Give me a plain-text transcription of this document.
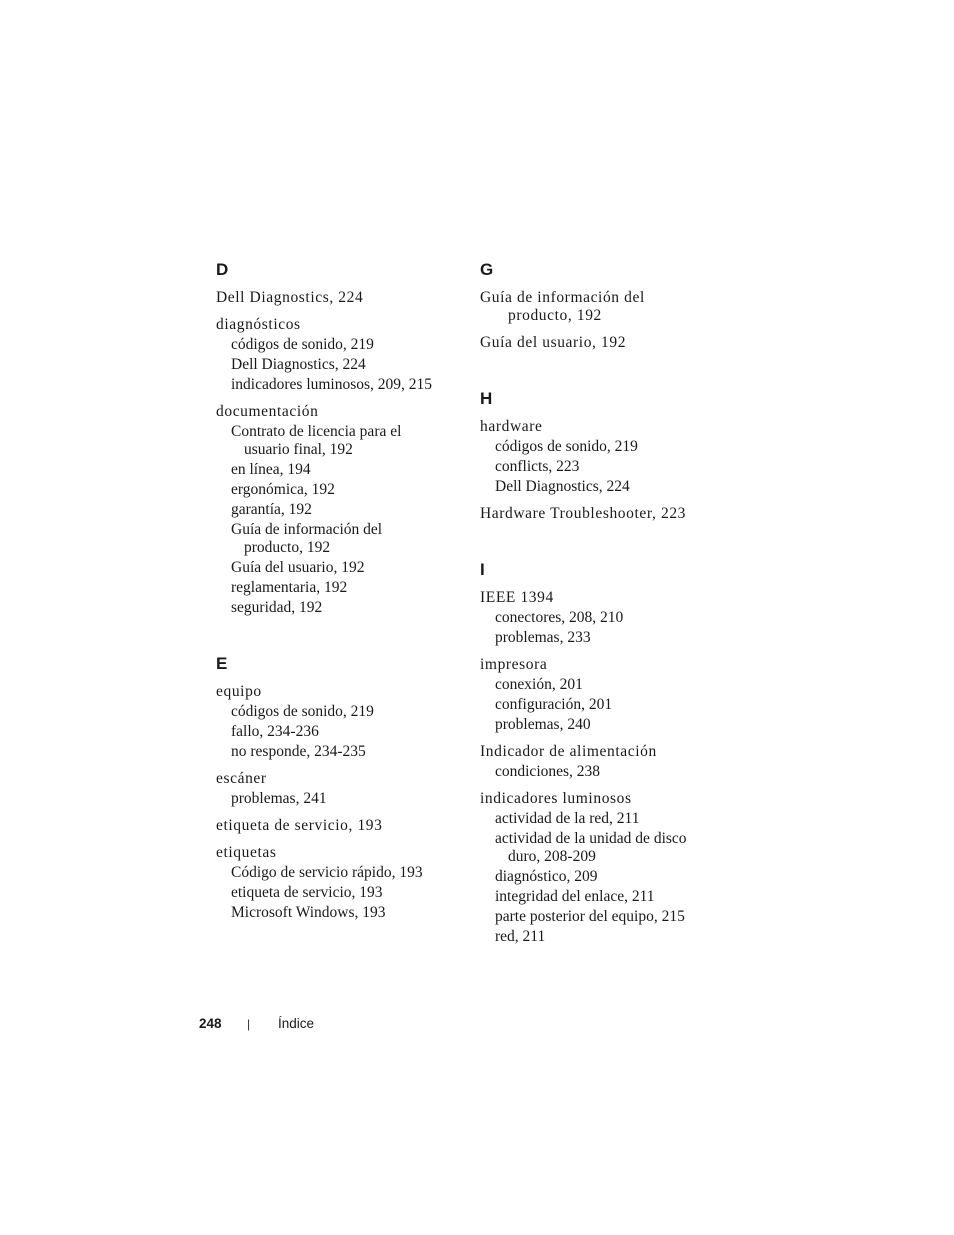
D
Dell Diagnostics, 224
diagnósticos
códigos de sonido, 219
Dell Diagnostics, 224
indicadores luminosos, 209, 215
documentación
Contrato de licencia para el
usuario final, 192
en línea, 194
ergonómica, 192
garantía, 192
Guía de información del
producto, 192
Guía del usuario, 192
reglamentaria, 192
seguridad, 192
E
equipo
códigos de sonido, 219
fallo, 234-236
no responde, 234-235
escáner
problemas, 241
etiqueta de servicio, 193
etiquetas
Código de servicio rápido, 193
etiqueta de servicio, 193
Microsoft Windows, 193
G
Guía de información del
producto, 192
Guía del usuario, 192
H
hardware
códigos de sonido, 219
conflicts, 223
Dell Diagnostics, 224
Hardware Troubleshooter, 223
I
IEEE 1394
conectores, 208, 210
problemas, 233
impresora
conexión, 201
configuración, 201
problemas, 240
Indicador de alimentación
condiciones, 238
indicadores luminosos
actividad de la red, 211
actividad de la unidad de disco
duro, 208-209
diagnóstico, 209
integridad del enlace, 211
parte posterior del equipo, 215
red, 211
248 | Índice
